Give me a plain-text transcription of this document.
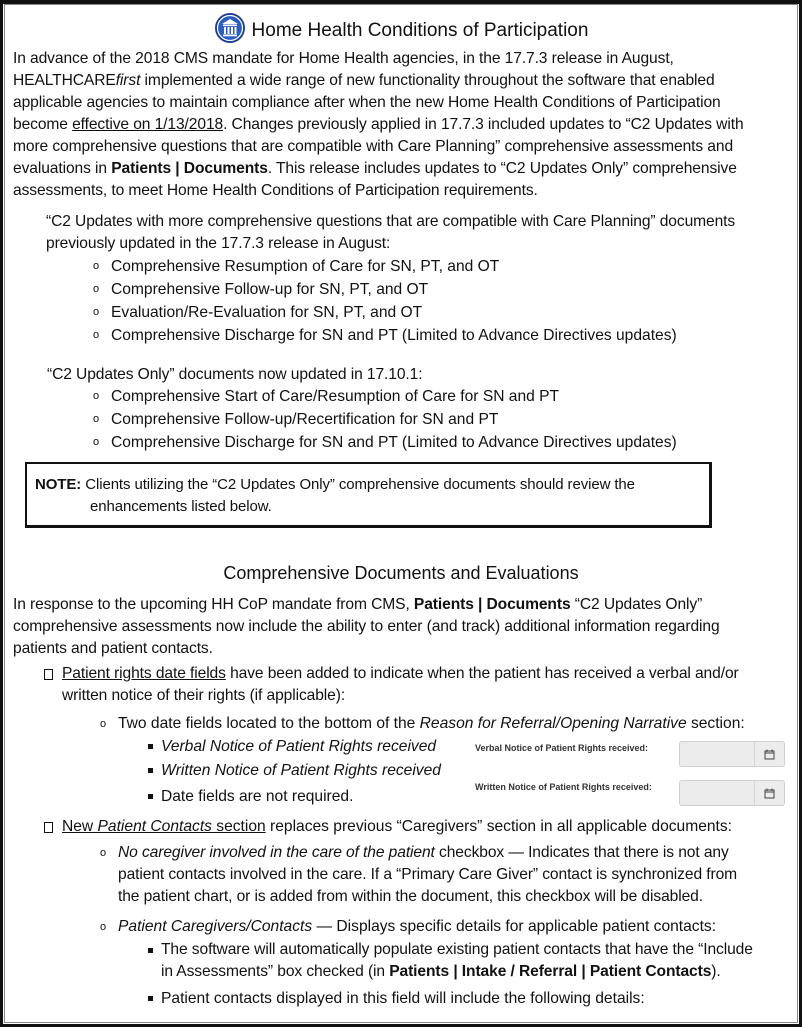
Home Health Conditions of Participation
In advance of the 2018 CMS mandate for Home Health agencies, in the 17.7.3 release in August,
HEALTHCAREfirst implemented a wide range of new functionality throughout the software that enabled
applicable agencies to maintain compliance after when the new Home Health Conditions of Participation
become effective on 1/13/2018. Changes previously applied in 17.7.3 included updates to “C2 Updates with
more comprehensive questions that are compatible with Care Planning” comprehensive assessments and
evaluations in Patients | Documents. This release includes updates to “C2 Updates Only” comprehensive
assessments, to meet Home Health Conditions of Participation requirements.
“C2 Updates with more comprehensive questions that are compatible with Care Planning” documents
previously updated in the 17.7.3 release in August:
o Comprehensive Resumption of Care for SN, PT, and OT
o Comprehensive Follow-up for SN, PT, and OT
o Evaluation/Re-Evaluation for SN, PT, and OT
o Comprehensive Discharge for SN and PT (Limited to Advance Directives updates)
“C2 Updates Only” documents now updated in 17.10.1:
o Comprehensive Start of Care/Resumption of Care for SN and PT
o Comprehensive Follow-up/Recertification for SN and PT
o Comprehensive Discharge for SN and PT (Limited to Advance Directives updates)
NOTE: Clients utilizing the “C2 Updates Only” comprehensive documents should review the
enhancements listed below.
Comprehensive Documents and Evaluations
In response to the upcoming HH CoP mandate from CMS, Patients | Documents “C2 Updates Only”
comprehensive assessments now include the ability to enter (and track) additional information regarding
patients and patient contacts.
Patient rights date fields have been added to indicate when the patient has received a verbal and/or
written notice of their rights (if applicable):
o Two date fields located to the bottom of the Reason for Referral/Opening Narrative section:
Verbal Notice of Patient Rights received
Written Notice of Patient Rights received
Date fields are not required.
Verbal Notice of Patient Rights received:
Written Notice of Patient Rights received:
New Patient Contacts section replaces previous “Caregivers” section in all applicable documents:
o No caregiver involved in the care of the patient checkbox — Indicates that there is not any
patient contacts involved in the care. If a “Primary Care Giver” contact is synchronized from
the patient chart, or is added from within the document, this checkbox will be disabled.
o Patient Caregivers/Contacts — Displays specific details for applicable patient contacts:
The software will automatically populate existing patient contacts that have the “Include
in Assessments” box checked (in Patients | Intake / Referral | Patient Contacts).
Patient contacts displayed in this field will include the following details:
